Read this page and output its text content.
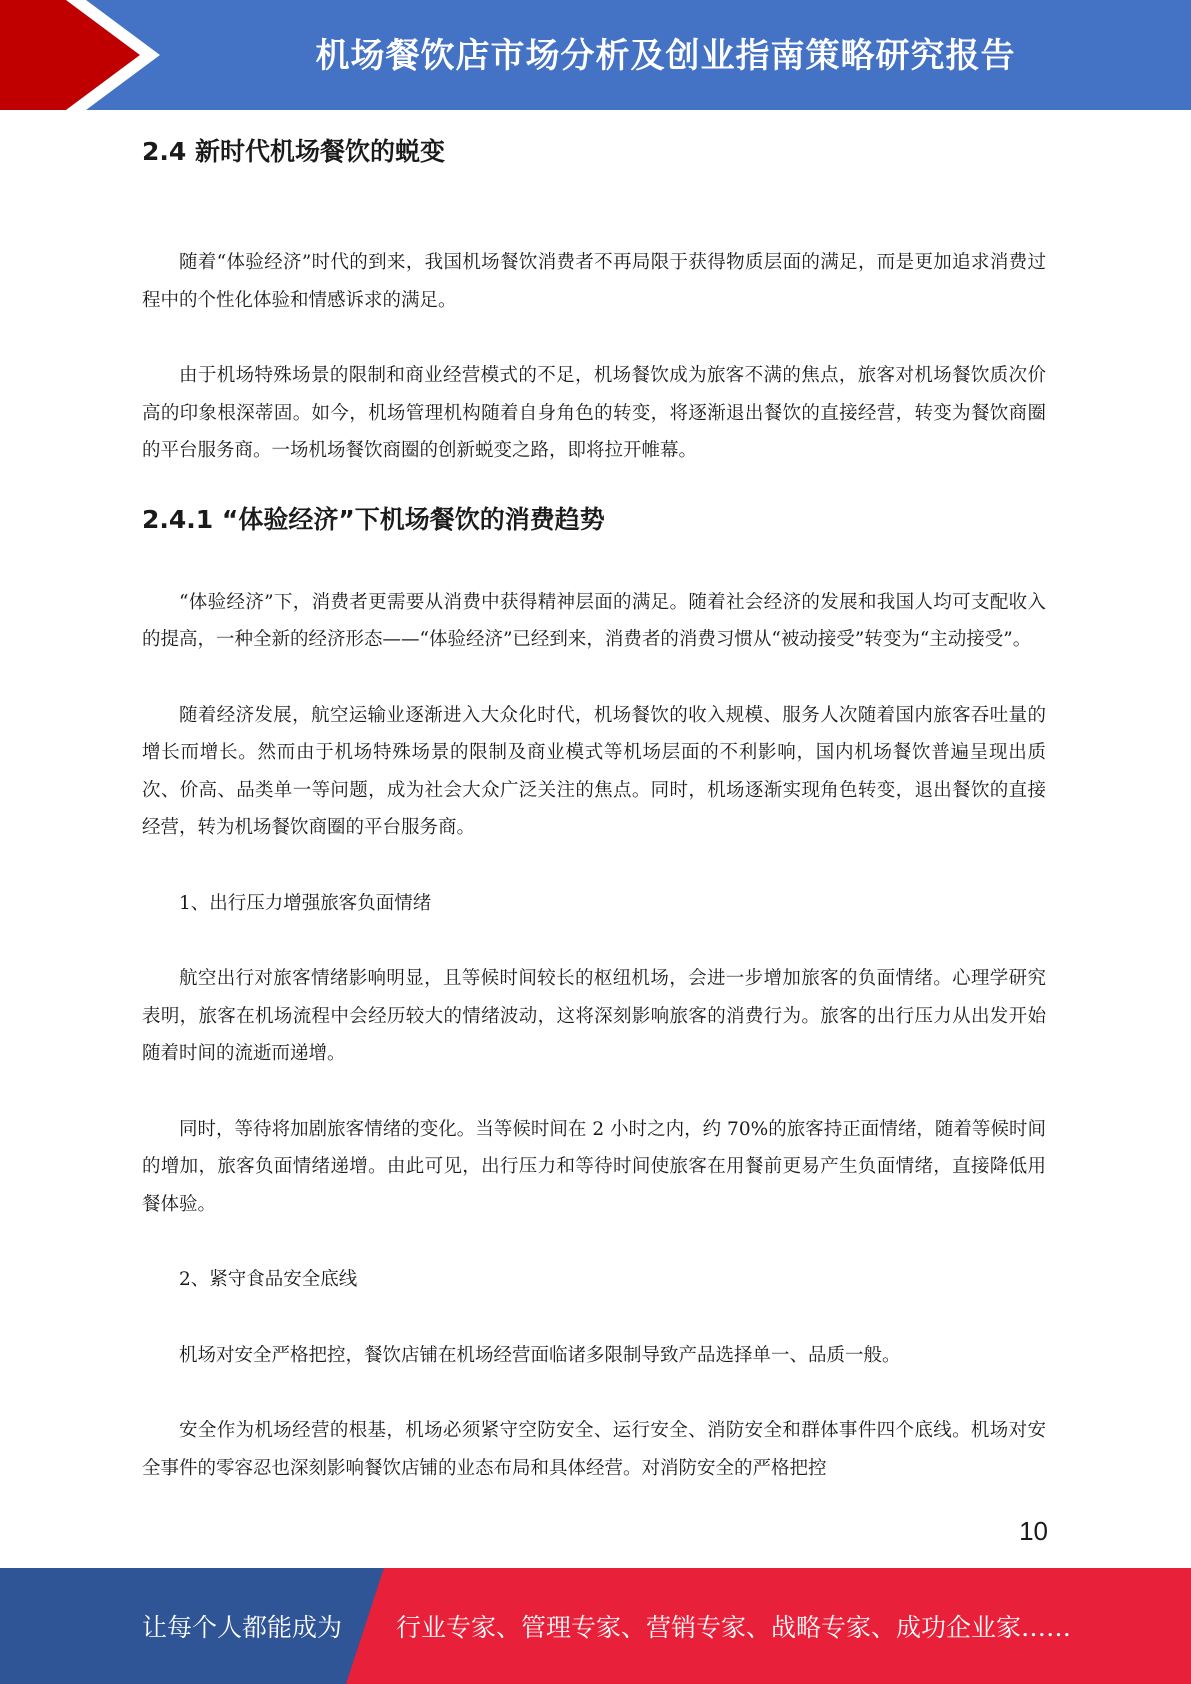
机场餐饮店市场分析及创业指南策略研究报告
2.4 新时代机场餐饮的蜕变

随着“体验经济”时代的到来，我国机场餐饮消费者不再局限于获得物质层面的满足，而是更加追求消费过程中的个性化体验和情感诉求的满足。

由于机场特殊场景的限制和商业经营模式的不足，机场餐饮成为旅客不满的焦点，旅客对机场餐饮质次价高的印象根深蒂固。如今，机场管理机构随着自身角色的转变，将逐渐退出餐饮的直接经营，转变为餐饮商圈的平台服务商。一场机场餐饮商圈的创新蜕变之路，即将拉开帷幕。

2.4.1 “体验经济”下机场餐饮的消费趋势

“体验经济”下，消费者更需要从消费中获得精神层面的满足。随着社会经济的发展和我国人均可支配收入的提高，一种全新的经济形态——“体验经济”已经到来，消费者的消费习惯从“被动接受”转变为“主动接受”。

随着经济发展，航空运输业逐渐进入大众化时代，机场餐饮的收入规模、服务人次随着国内旅客吞吐量的增长而增长。然而由于机场特殊场景的限制及商业模式等机场层面的不利影响，国内机场餐饮普遍呈现出质次、价高、品类单一等问题，成为社会大众广泛关注的焦点。同时，机场逐渐实现角色转变，退出餐饮的直接经营，转为机场餐饮商圈的平台服务商。

1、出行压力增强旅客负面情绪

航空出行对旅客情绪影响明显，且等候时间较长的枢纽机场，会进一步增加旅客的负面情绪。心理学研究表明，旅客在机场流程中会经历较大的情绪波动，这将深刻影响旅客的消费行为。旅客的出行压力从出发开始随着时间的流逝而递增。

同时，等待将加剧旅客情绪的变化。当等候时间在 2 小时之内，约 70%的旅客持正面情绪，随着等候时间的增加，旅客负面情绪递增。由此可见，出行压力和等待时间使旅客在用餐前更易产生负面情绪，直接降低用餐体验。

2、紧守食品安全底线

机场对安全严格把控，餐饮店铺在机场经营面临诸多限制导致产品选择单一、品质一般。

安全作为机场经营的根基，机场必须紧守空防安全、运行安全、消防安全和群体事件四个底线。机场对安全事件的零容忍也深刻影响餐饮店铺的业态布局和具体经营。对消防安全的严格把控

10
让每个人都能成为 行业专家、管理专家、营销专家、战略专家、成功企业家……
